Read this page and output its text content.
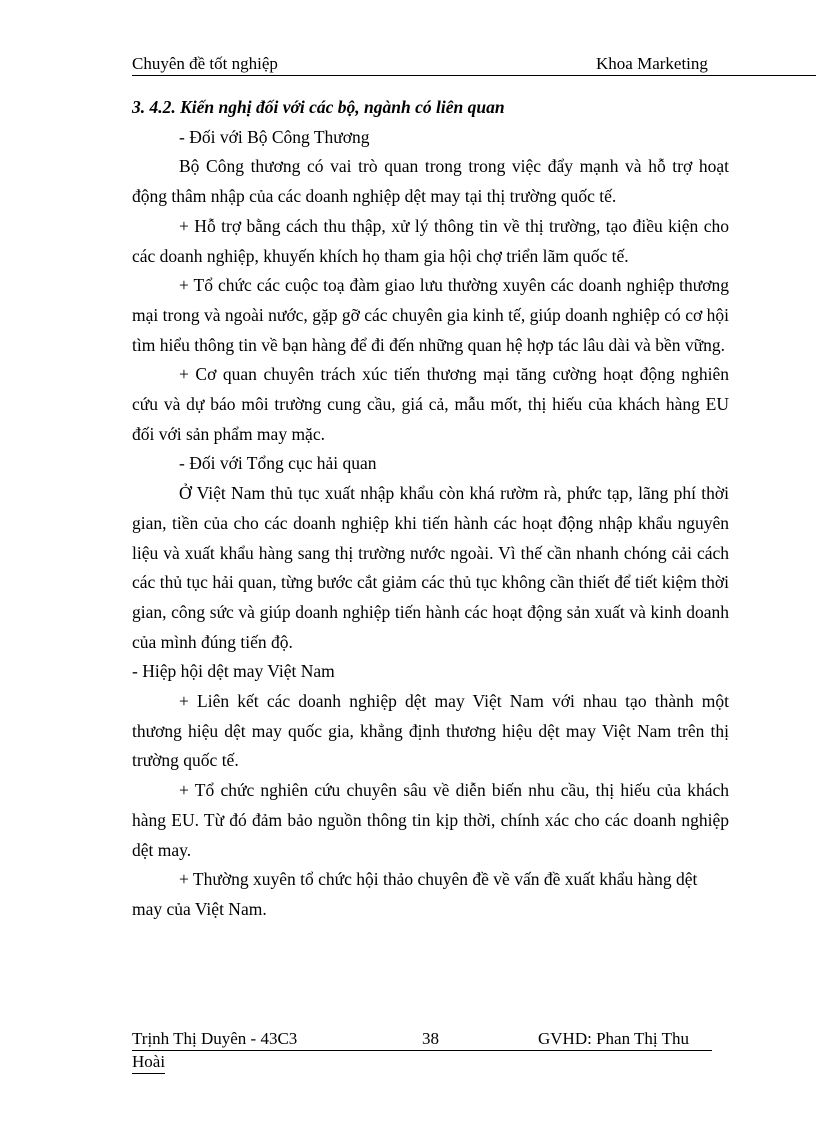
Chuyên đề tốt nghiệp	Khoa Marketing

3. 4.2. Kiến nghị đối với các bộ, ngành có liên quan

- Đối với Bộ Công Thương

Bộ Công thương có vai trò quan trong trong việc đẩy mạnh và hỗ trợ hoạt động thâm nhập của các doanh nghiệp dệt may tại thị trường quốc tế.

+ Hỗ trợ bằng cách thu thập, xử lý thông tin về thị trường, tạo điều kiện cho các doanh nghiệp, khuyến khích họ tham gia hội chợ triển lãm quốc tế.

+ Tổ chức các cuộc toạ đàm giao lưu thường xuyên các doanh nghiệp thương mại trong và ngoài nước, gặp gỡ các chuyên gia kinh tế, giúp doanh nghiệp có cơ hội tìm hiểu thông tin về bạn hàng để đi đến những quan hệ hợp tác lâu dài và bền vững.

+ Cơ quan chuyên trách xúc tiến thương mại tăng cường hoạt động nghiên cứu và dự báo môi trường cung cầu, giá cả, mẫu mốt, thị hiếu của khách hàng EU đối với sản phẩm may mặc.

- Đối với Tổng cục hải quan

Ở Việt Nam thủ tục xuất nhập khẩu còn khá rườm rà, phức tạp, lãng phí thời gian, tiền của cho các doanh nghiệp khi tiến hành các hoạt động nhập khẩu nguyên liệu và xuất khẩu hàng sang thị trường nước ngoài. Vì thế cần nhanh chóng cải cách các thủ tục hải quan, từng bước cắt giảm các thủ tục không cần thiết để tiết kiệm thời gian, công sức và giúp doanh nghiệp tiến hành các hoạt động sản xuất và kinh doanh của mình đúng tiến độ.

- Hiệp hội dệt may Việt Nam

+ Liên kết các doanh nghiệp dệt may Việt Nam với nhau tạo thành một thương hiệu dệt may quốc gia, khẳng định thương hiệu dệt may Việt Nam trên thị trường quốc tế.

+ Tổ chức nghiên cứu chuyên sâu về diễn biến nhu cầu, thị hiếu của khách hàng EU. Từ đó đảm bảo nguồn thông tin kịp thời, chính xác cho các doanh nghiệp dệt may.

+ Thường xuyên tổ chức hội thảo chuyên đề về vấn đề xuất khẩu hàng dệt may của Việt Nam.

Trịnh Thị Duyên - 43C3	38	GVHD: Phan Thị Thu
Hoài
